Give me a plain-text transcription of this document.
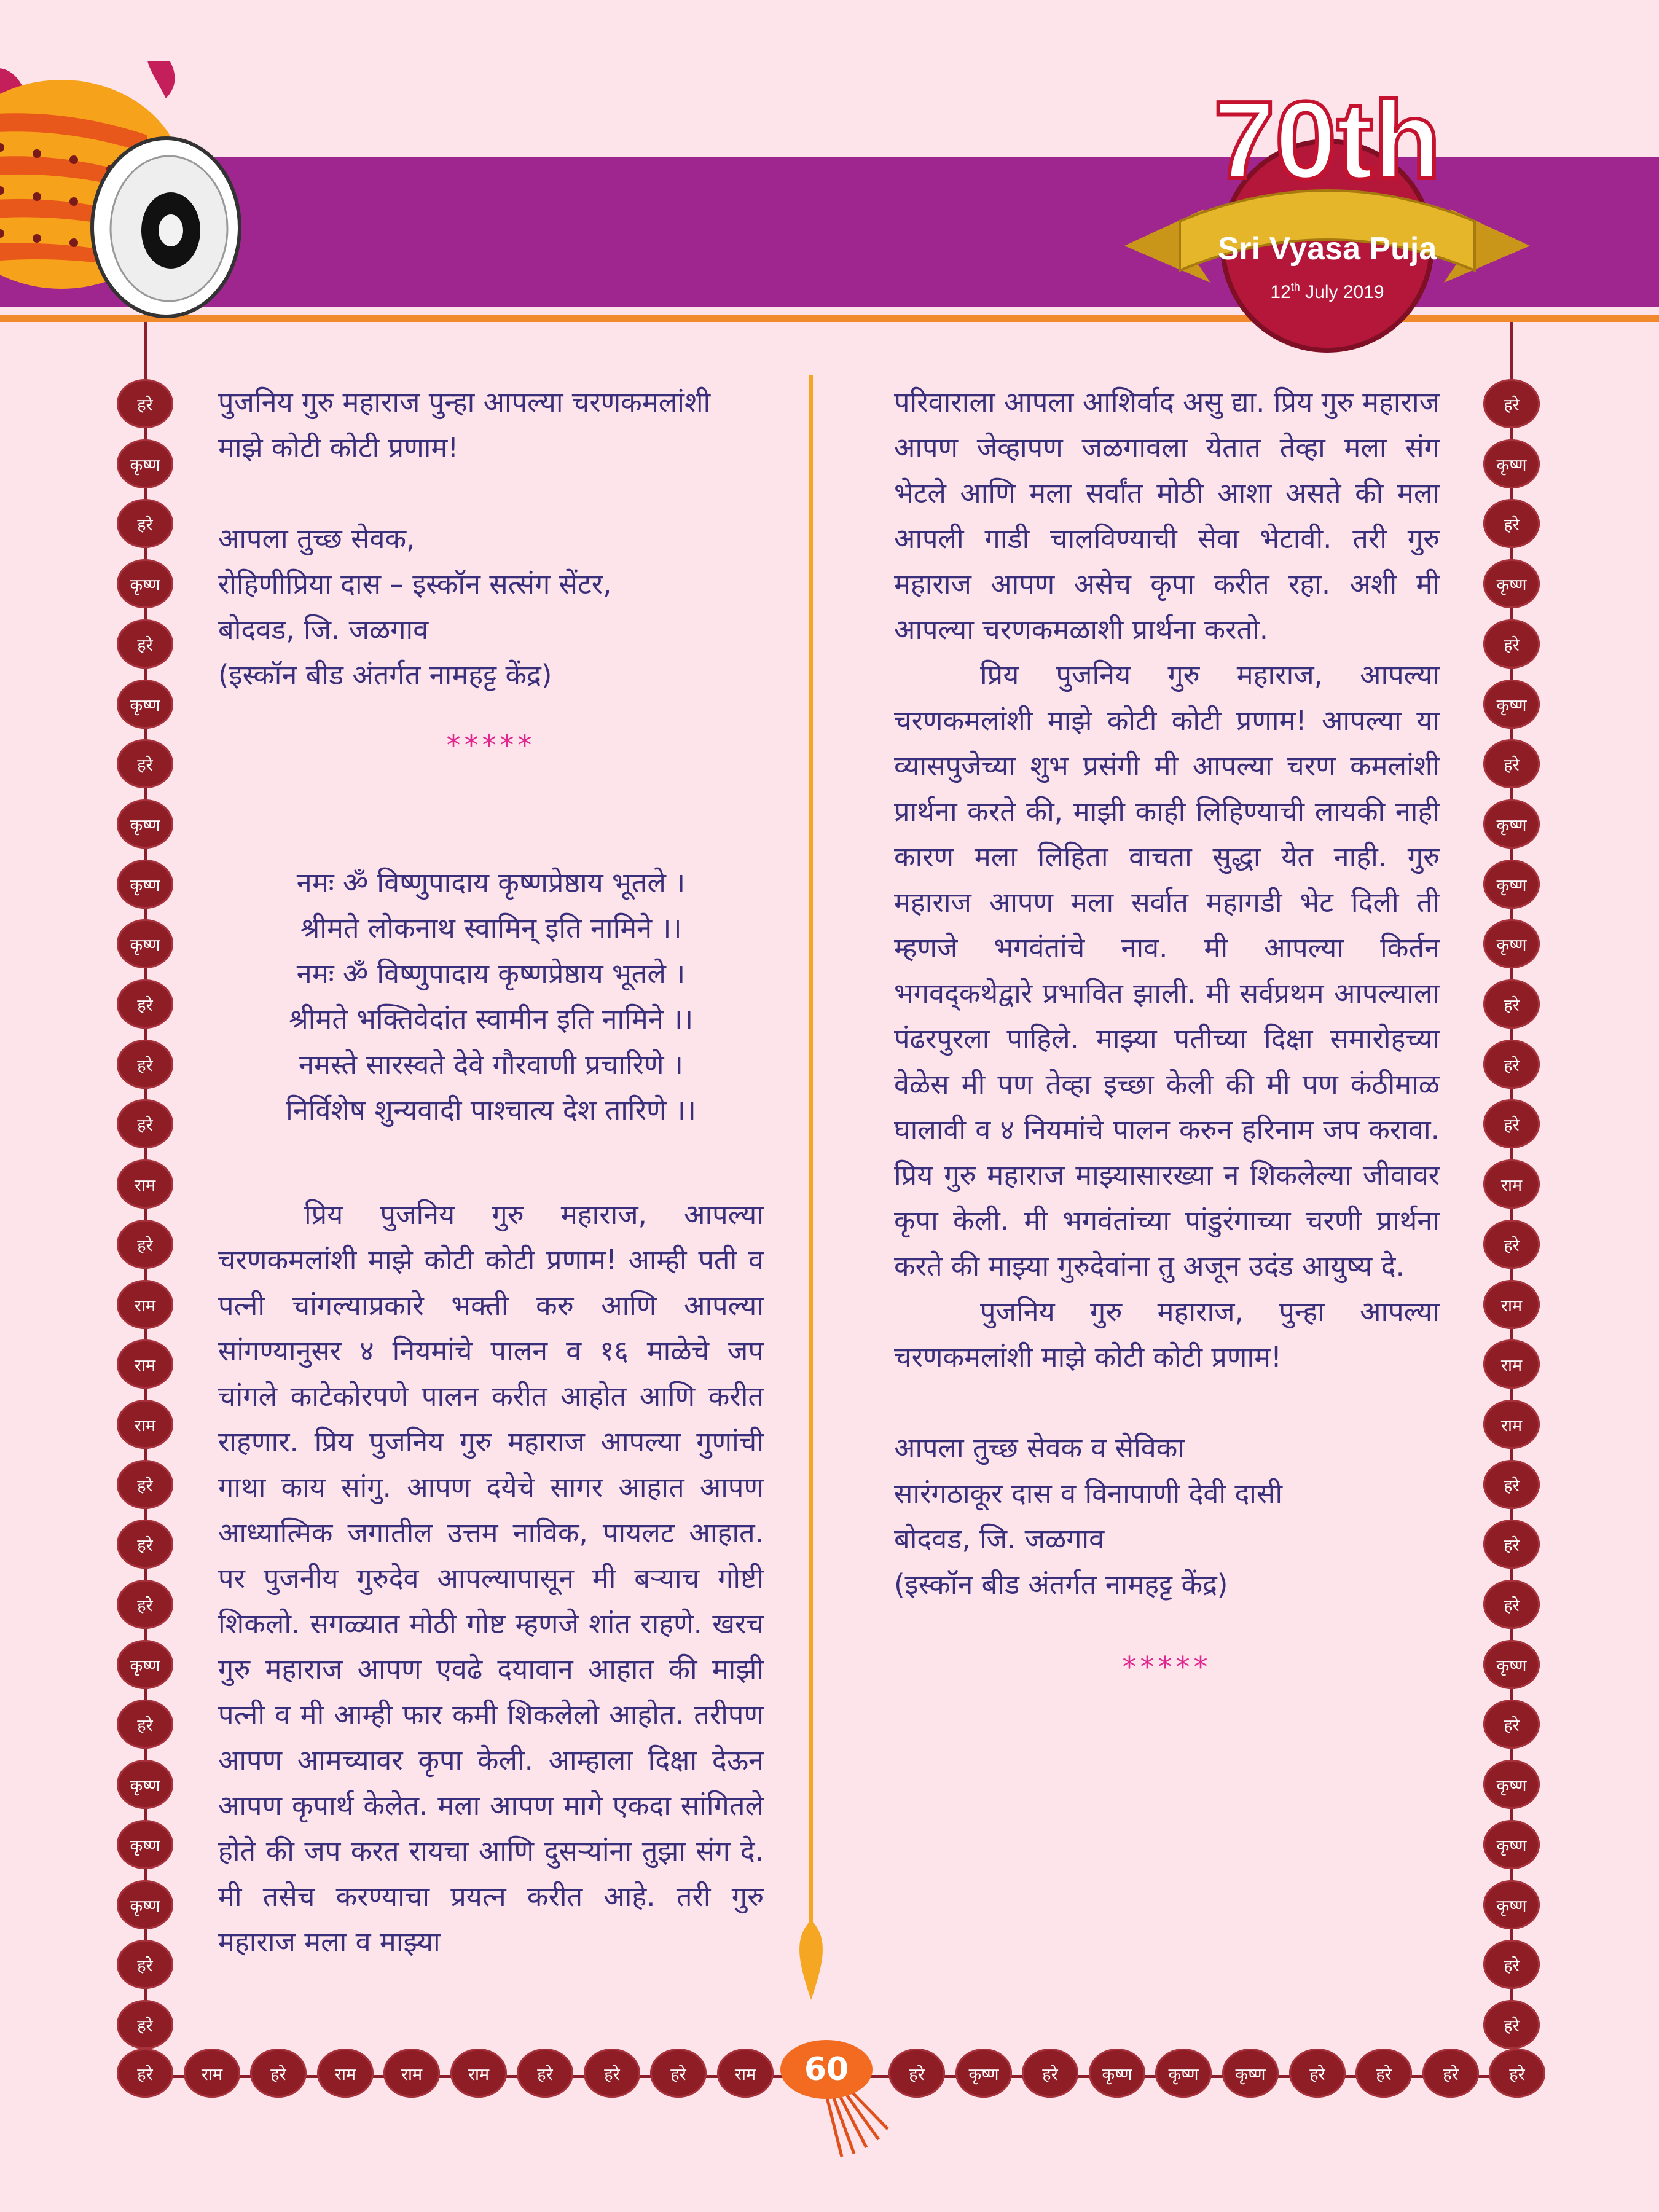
70th
Sri Vyasa Puja
12th July 2019
हरे
कृष्ण
हरे
कृष्ण
हरे
कृष्ण
हरे
कृष्ण
कृष्ण
कृष्ण
हरे
हरे
हरे
राम
हरे
राम
राम
राम
हरे
हरे
हरे
कृष्ण
हरे
कृष्ण
कृष्ण
कृष्ण
हरे
हरे
हरे
कृष्ण
हरे
कृष्ण
हरे
कृष्ण
हरे
कृष्ण
कृष्ण
कृष्ण
हरे
हरे
हरे
राम
हरे
राम
राम
राम
हरे
हरे
हरे
कृष्ण
हरे
कृष्ण
कृष्ण
कृष्ण
हरे
हरे
हरे	राम	हरे	राम	राम	राम	हरे	हरे	हरे	राम	हरे	कृष्ण	हरे	कृष्ण	कृष्ण	कृष्ण	हरे	हरे	हरे	हरे

पुजनिय गुरु महाराज पुन्हा आपल्या चरणकमलांशी माझे कोटी कोटी प्रणाम!

आपला तुच्छ सेवक,

रोहिणीप्रिया दास – इस्कॉन सत्संग सेंटर,

बोदवड, जि. जळगाव

(इस्कॉन बीड अंतर्गत नामहट्ट केंद्र)

*****

नमः ॐ विष्णुपादाय कृष्णप्रेष्ठाय भूतले ।

श्रीमते लोकनाथ स्वामिन् इति नामिने ।।

नमः ॐ विष्णुपादाय कृष्णप्रेष्ठाय भूतले ।

श्रीमते भक्तिवेदांत स्वामीन इति नामिने ।।

नमस्ते सारस्वते देवे गौरवाणी प्रचारिणे ।

निर्विशेष शुन्यवादी पाश्चात्य देश तारिणे ।।

प्रिय पुजनिय गुरु महाराज, आपल्या चरणकमलांशी माझे कोटी कोटी प्रणाम! आम्ही पती व पत्नी चांगल्याप्रकारे भक्ती करु आणि आपल्या सांगण्यानुसर ४ नियमांचे पालन व १६ माळेचे जप चांगले काटेकोरपणे पालन करीत आहोत आणि करीत राहणार. प्रिय पुजनिय गुरु महाराज आपल्या गुणांची गाथा काय सांगु. आपण दयेचे सागर आहात आपण आध्यात्मिक जगातील उत्तम नाविक, पायलट आहात. पर पुजनीय गुरुदेव आपल्यापासून मी बऱ्याच गोष्टी शिकलो. सगळ्यात मोठी गोष्ट म्हणजे शांत राहणे. खरच गुरु महाराज आपण एवढे दयावान आहात की माझी पत्नी व मी आम्ही फार कमी शिकलेलो आहोत. तरीपण आपण आमच्यावर कृपा केली. आम्हाला दिक्षा देऊन आपण कृपार्थ केलेत. मला आपण मागे एकदा सांगितले होते की जप करत रायचा आणि दुसऱ्यांना तुझा संग दे. मी तसेच करण्याचा प्रयत्न करीत आहे. तरी गुरु महाराज मला व माझ्या

परिवाराला आपला आशिर्वाद असु द्या. प्रिय गुरु महाराज आपण जेव्हापण जळगावला येतात तेव्हा मला संग भेटले आणि मला सर्वांत मोठी आशा असते की मला आपली गाडी चालविण्याची सेवा भेटावी. तरी गुरु महाराज आपण असेच कृपा करीत रहा. अशी मी आपल्या चरणकमळाशी प्रार्थना करतो.

प्रिय पुजनिय गुरु महाराज, आपल्या चरणकमलांशी माझे कोटी कोटी प्रणाम! आपल्या या व्यासपुजेच्या शुभ प्रसंगी मी आपल्या चरण कमलांशी प्रार्थना करते की, माझी काही लिहिण्याची लायकी नाही कारण मला लिहिता वाचता सुद्धा येत नाही. गुरु महाराज आपण मला सर्वात महागडी भेट दिली ती म्हणजे भगवंतांचे नाव. मी आपल्या किर्तन भगवद्कथेद्वारे प्रभावित झाली. मी सर्वप्रथम आपल्याला पंढरपुरला पाहिले. माझ्या पतीच्या दिक्षा समारोहच्या वेळेस मी पण तेव्हा इच्छा केली की मी पण कंठीमाळ घालावी व ४ नियमांचे पालन करुन हरिनाम जप करावा. प्रिय गुरु महाराज माझ्यासारख्या न शिकलेल्या जीवावर कृपा केली. मी भगवंतांच्या पांडुरंगाच्या चरणी प्रार्थना करते की माझ्या गुरुदेवांना तु अजून उदंड आयुष्य दे.

पुजनिय गुरु महाराज, पुन्हा आपल्या चरणकमलांशी माझे कोटी कोटी प्रणाम!

आपला तुच्छ सेवक व सेविका

सारंगठाकूर दास व विनापाणी देवी दासी

बोदवड, जि. जळगाव

(इस्कॉन बीड अंतर्गत नामहट्ट केंद्र)

*****

60
